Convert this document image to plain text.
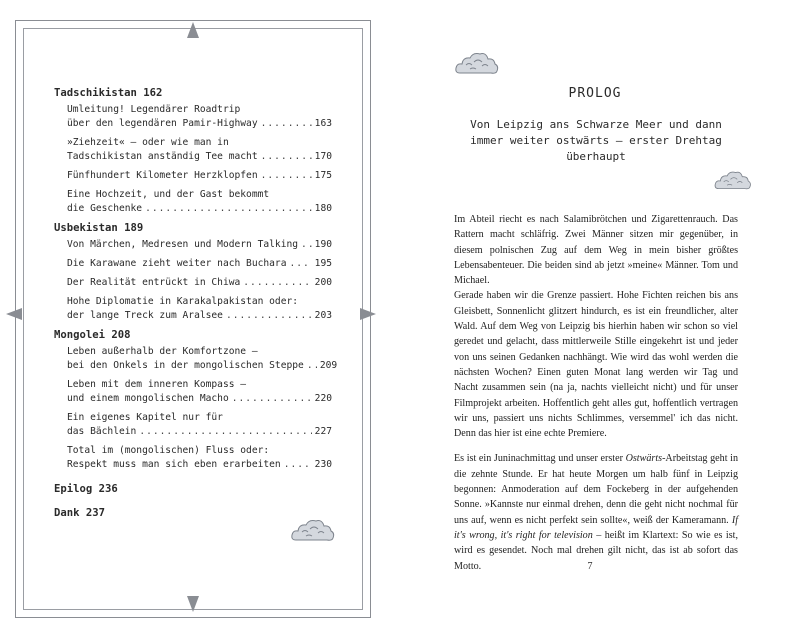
Tadschikistan 162
Umleitung! Legendärer Roadtrip
über den legendären Pamir-Highway .....	163
»Ziehzeit« – oder wie man in
Tadschikistan anständig Tee macht .....	170
Fünfhundert Kilometer Herzklopfen .....	175
Eine Hochzeit, und der Gast bekommt
die Geschenke .....	180
Usbekistan 189
Von Märchen, Medresen und Modern Talking ..... 190
Die Karawane zieht weiter nach Buchara .....	195
Der Realität entrückt in Chiwa .....	200
Hohe Diplomatie in Karakalpakistan oder:
der lange Treck zum Aralsee .....	203
Mongolei 208
Leben außerhalb der Komfortzone –
bei den Onkels in der mongolischen Steppe ..... 209
Leben mit dem inneren Kompass –
und einem mongolischen Macho .....	220
Ein eigenes Kapitel nur für
das Bächlein .....	227
Total im (mongolischen) Fluss oder:
Respekt muss man sich eben erarbeiten .....	230
Epilog 236
Dank 237
PROLOG
Von Leipzig ans Schwarze Meer und dann
immer weiter ostwärts – erster Drehtag
überhaupt

Im Abteil riecht es nach Salamibrötchen und Zigarettenrauch. Das Rattern macht schläfrig. Zwei Männer sitzen mir gegenüber, in diesem polnischen Zug auf dem Weg in mein bisher größtes Lebensabenteuer. Die beiden sind ab jetzt »meine« Männer. Tom und Michael.

Gerade haben wir die Grenze passiert. Hohe Fichten reichen bis ans Gleisbett, Sonnenlicht glitzert hindurch, es ist ein freundlicher, alter Wald. Auf dem Weg von Leipzig bis hierhin haben wir schon so viel geredet und gelacht, dass mittlerweile Stille eingekehrt ist und jeder von uns seinen Gedanken nachhängt. Wie wird das wohl werden die nächsten Wochen? Einen guten Monat lang werden wir Tag und Nacht zusammen sein (na ja, nachts vielleicht nicht) und für unser Filmprojekt arbeiten. Hoffentlich geht alles gut, hoffentlich vertragen wir uns, passiert uns nichts Schlimmes, versemmel' ich das nicht. Denn das hier ist eine echte Premiere.

Es ist ein Juninachmittag und unser erster Ostwärts-Arbeitstag geht in die zehnte Stunde. Er hat heute Morgen um halb fünf in Leipzig begonnen: Anmoderation auf dem Fockeberg in der aufgehenden Sonne. »Kannste nur einmal drehen, denn die geht nicht nochmal für uns auf, wenn es nicht perfekt sein sollte«, weiß der Kameramann. If it's wrong, it's right for television – heißt im Klartext: So wie es ist, wird es gesendet. Noch mal drehen gilt nicht, das ist ab sofort das Motto.	7
